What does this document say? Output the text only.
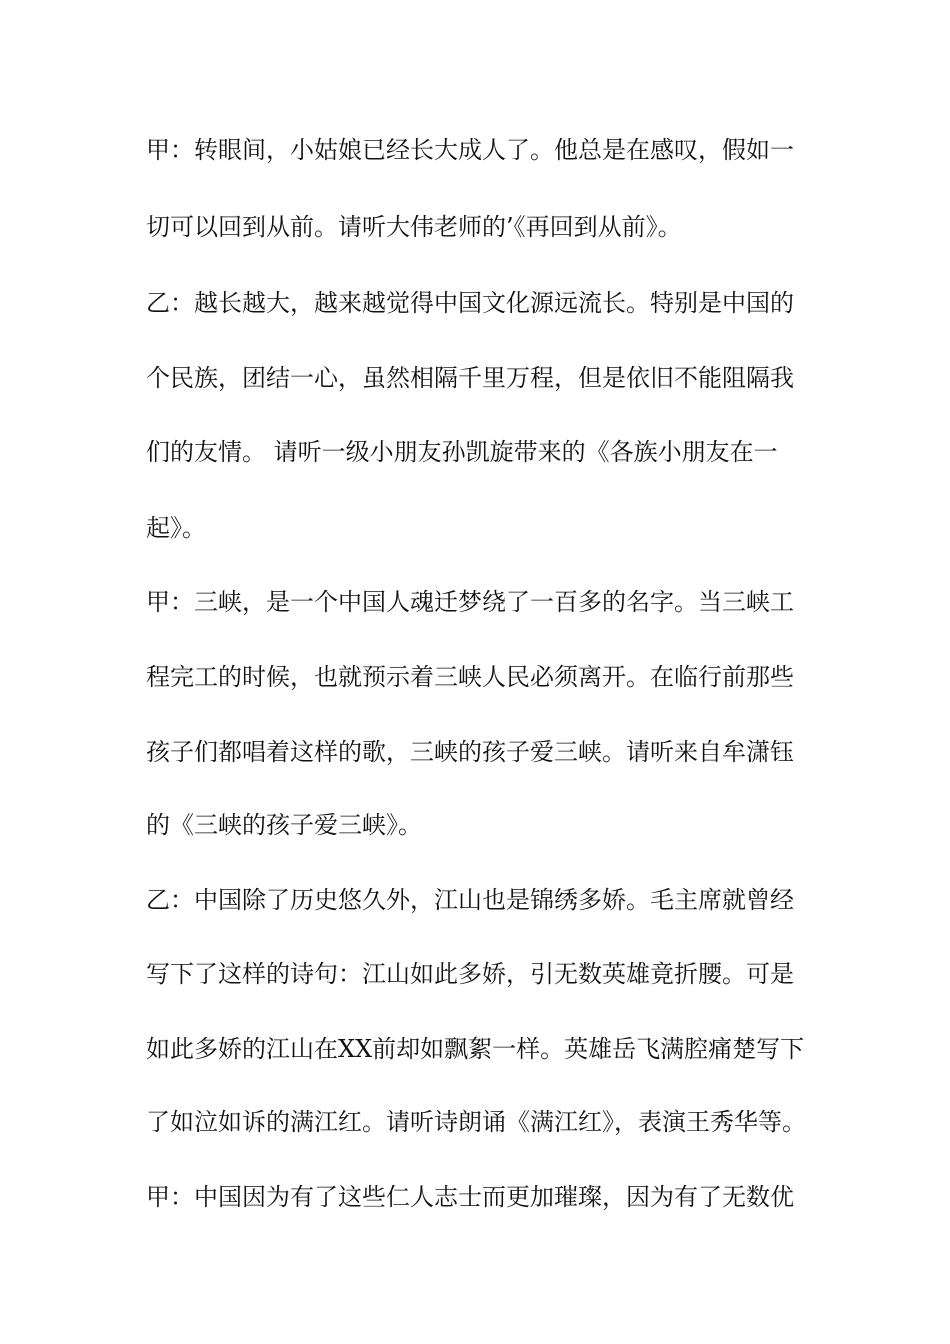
甲：转眼间，小姑娘已经长大成人了。他总是在感叹，假如一
切可以回到从前。请听大伟老师的’《再回到从前》。
乙：越长越大，越来越觉得中国文化源远流长。特别是中国的
个民族，团结一心，虽然相隔千里万程，但是依旧不能阻隔我
们的友情。 请听一级小朋友孙凯旋带来的《各族小朋友在一
起》。
甲：三峡，是一个中国人魂迁梦绕了一百多的名字。当三峡工
程完工的时候，也就预示着三峡人民必须离开。在临行前那些
孩子们都唱着这样的歌，三峡的孩子爱三峡。请听来自牟潇钰
的《三峡的孩子爱三峡》。
乙：中国除了历史悠久外，江山也是锦绣多娇。毛主席就曾经
写下了这样的诗句：江山如此多娇，引无数英雄竟折腰。可是
如此多娇的江山在XX前却如飘絮一样。英雄岳飞满腔痛楚写下
了如泣如诉的满江红。请听诗朗诵《满江红》，表演王秀华等。
甲：中国因为有了这些仁人志士而更加璀璨，因为有了无数优
